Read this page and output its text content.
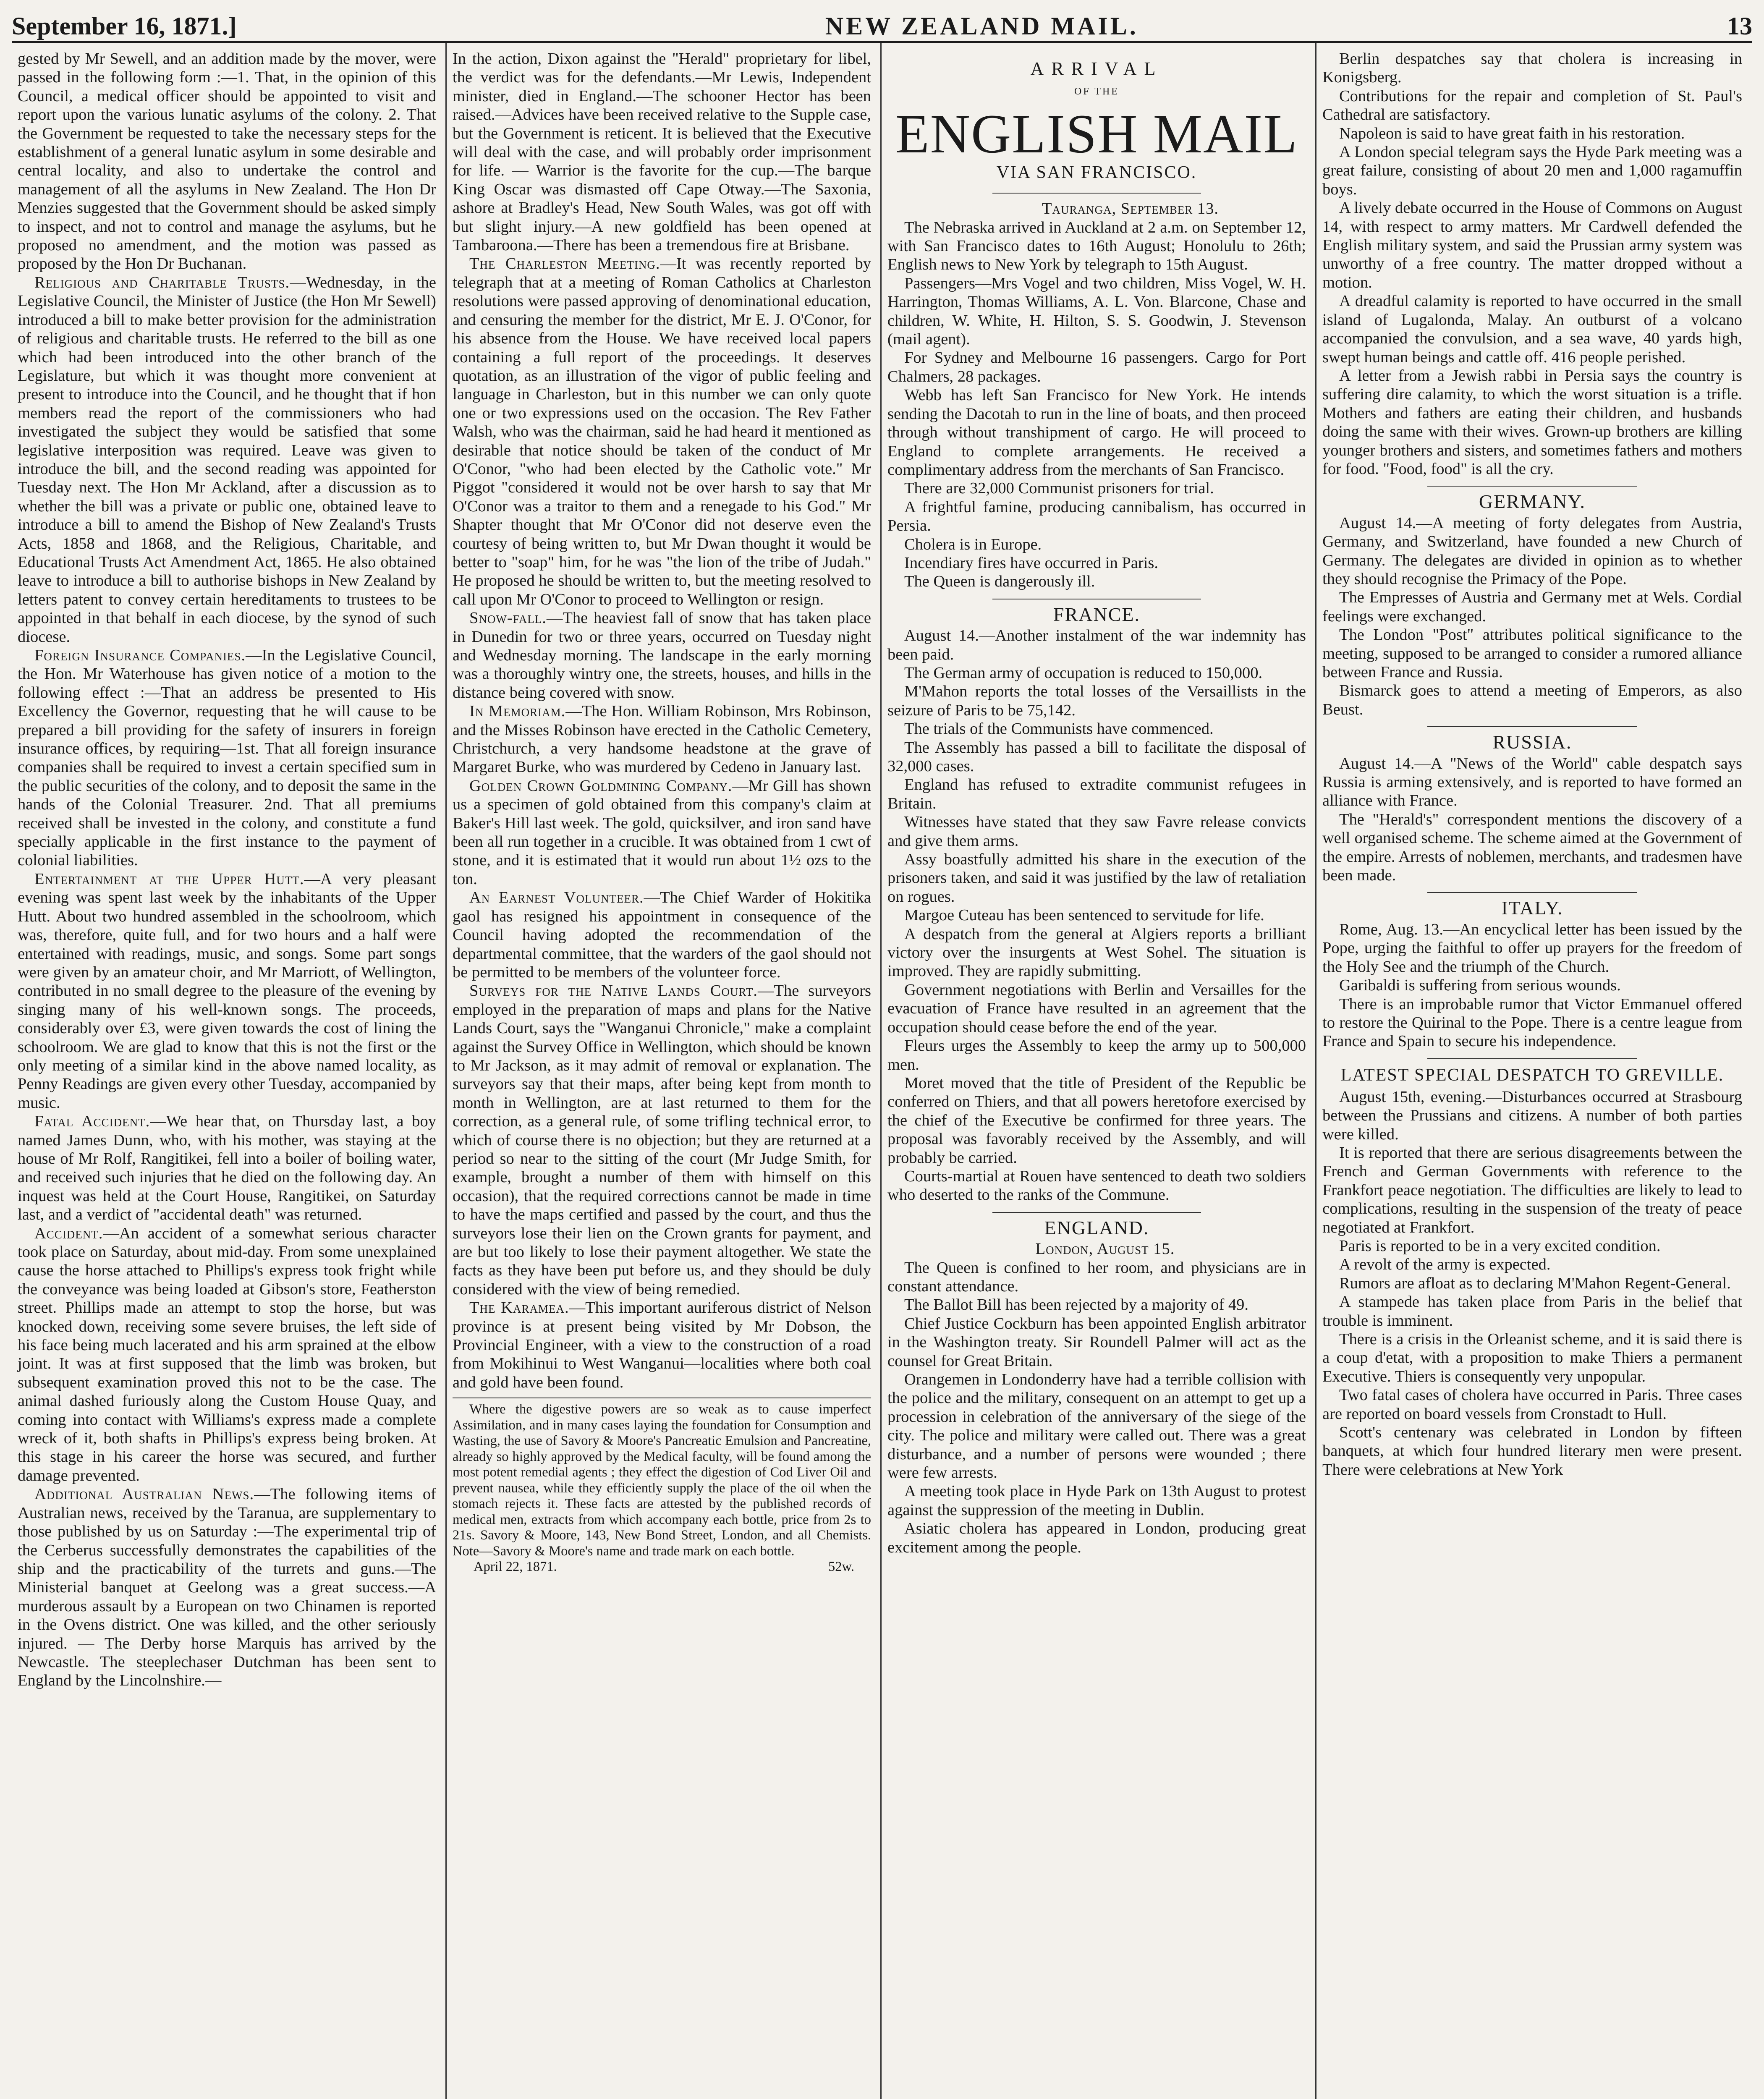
September 16, 1871.]	NEW ZEALAND MAIL.	13

gested by Mr Sewell, and an addition made by the mover, were passed in the following form :—1. That, in the opinion of this Council, a medical officer should be appointed to visit and report upon the various lunatic asylums of the colony. 2. That the Government be requested to take the necessary steps for the establishment of a general lunatic asylum in some desirable and central locality, and also to undertake the control and management of all the asylums in New Zealand. The Hon Dr Menzies suggested that the Government should be asked simply to inspect, and not to control and manage the asylums, but he proposed no amendment, and the motion was passed as proposed by the Hon Dr Buchanan.

Religious and Charitable Trusts.—Wednesday, in the Legislative Council, the Minister of Justice (the Hon Mr Sewell) introduced a bill to make better provision for the administration of religious and charitable trusts. He referred to the bill as one which had been introduced into the other branch of the Legislature, but which it was thought more convenient at present to introduce into the Council, and he thought that if hon members read the report of the commissioners who had investigated the subject they would be satisfied that some legislative interposition was required. Leave was given to introduce the bill, and the second reading was appointed for Tuesday next. The Hon Mr Ackland, after a discussion as to whether the bill was a private or public one, obtained leave to introduce a bill to amend the Bishop of New Zealand's Trusts Acts, 1858 and 1868, and the Religious, Charitable, and Educational Trusts Act Amendment Act, 1865. He also obtained leave to introduce a bill to authorise bishops in New Zealand by letters patent to convey certain hereditaments to trustees to be appointed in that behalf in each diocese, by the synod of such diocese.

Foreign Insurance Companies.—In the Legislative Council, the Hon. Mr Waterhouse has given notice of a motion to the following effect :—That an address be presented to His Excellency the Governor, requesting that he will cause to be prepared a bill providing for the safety of insurers in foreign insurance offices, by requiring—1st. That all foreign insurance companies shall be required to invest a certain specified sum in the public securities of the colony, and to deposit the same in the hands of the Colonial Treasurer. 2nd. That all premiums received shall be invested in the colony, and constitute a fund specially applicable in the first instance to the payment of colonial liabilities.

Entertainment at the Upper Hutt.—A very pleasant evening was spent last week by the inhabitants of the Upper Hutt. About two hundred assembled in the schoolroom, which was, therefore, quite full, and for two hours and a half were entertained with readings, music, and songs. Some part songs were given by an amateur choir, and Mr Marriott, of Wellington, contributed in no small degree to the pleasure of the evening by singing many of his well-known songs. The proceeds, considerably over £3, were given towards the cost of lining the schoolroom. We are glad to know that this is not the first or the only meeting of a similar kind in the above named locality, as Penny Readings are given every other Tuesday, accompanied by music.

Fatal Accident.—We hear that, on Thursday last, a boy named James Dunn, who, with his mother, was staying at the house of Mr Rolf, Rangitikei, fell into a boiler of boiling water, and received such injuries that he died on the following day. An inquest was held at the Court House, Rangitikei, on Saturday last, and a verdict of "accidental death" was returned.

Accident.—An accident of a somewhat serious character took place on Saturday, about mid-day. From some unexplained cause the horse attached to Phillips's express took fright while the conveyance was being loaded at Gibson's store, Featherston street. Phillips made an attempt to stop the horse, but was knocked down, receiving some severe bruises, the left side of his face being much lacerated and his arm sprained at the elbow joint. It was at first supposed that the limb was broken, but subsequent examination proved this not to be the case. The animal dashed furiously along the Custom House Quay, and coming into contact with Williams's express made a complete wreck of it, both shafts in Phillips's express being broken. At this stage in his career the horse was secured, and further damage prevented.

Additional Australian News.—The following items of Australian news, received by the Taranua, are supplementary to those published by us on Saturday :—The experimental trip of the Cerberus successfully demonstrates the capabilities of the ship and the practicability of the turrets and guns.—The Ministerial banquet at Geelong was a great success.—A murderous assault by a European on two Chinamen is reported in the Ovens district. One was killed, and the other seriously injured. — The Derby horse Marquis has arrived by the Newcastle. The steeplechaser Dutchman has been sent to England by the Lincolnshire.—

In the action, Dixon against the "Herald" proprietary for libel, the verdict was for the defendants.—Mr Lewis, Independent minister, died in England.—The schooner Hector has been raised.—Advices have been received relative to the Supple case, but the Government is reticent. It is believed that the Executive will deal with the case, and will probably order imprisonment for life. — Warrior is the favorite for the cup.—The barque King Oscar was dismasted off Cape Otway.—The Saxonia, ashore at Bradley's Head, New South Wales, was got off with but slight injury.—A new goldfield has been opened at Tambaroona.—There has been a tremendous fire at Brisbane.

The Charleston Meeting.—It was recently reported by telegraph that at a meeting of Roman Catholics at Charleston resolutions were passed approving of denominational education, and censuring the member for the district, Mr E. J. O'Conor, for his absence from the House. We have received local papers containing a full report of the proceedings. It deserves quotation, as an illustration of the vigor of public feeling and language in Charleston, but in this number we can only quote one or two expressions used on the occasion. The Rev Father Walsh, who was the chairman, said he had heard it mentioned as desirable that notice should be taken of the conduct of Mr O'Conor, "who had been elected by the Catholic vote." Mr Piggot "considered it would not be over harsh to say that Mr O'Conor was a traitor to them and a renegade to his God." Mr Shapter thought that Mr O'Conor did not deserve even the courtesy of being written to, but Mr Dwan thought it would be better to "soap" him, for he was "the lion of the tribe of Judah." He proposed he should be written to, but the meeting resolved to call upon Mr O'Conor to proceed to Wellington or resign.

Snow-fall.—The heaviest fall of snow that has taken place in Dunedin for two or three years, occurred on Tuesday night and Wednesday morning. The landscape in the early morning was a thoroughly wintry one, the streets, houses, and hills in the distance being covered with snow.

In Memoriam.—The Hon. William Robinson, Mrs Robinson, and the Misses Robinson have erected in the Catholic Cemetery, Christchurch, a very handsome headstone at the grave of Margaret Burke, who was murdered by Cedeno in January last.

Golden Crown Goldmining Company.—Mr Gill has shown us a specimen of gold obtained from this company's claim at Baker's Hill last week. The gold, quicksilver, and iron sand have been all run together in a crucible. It was obtained from 1 cwt of stone, and it is estimated that it would run about 1½ ozs to the ton.

An Earnest Volunteer.—The Chief Warder of Hokitika gaol has resigned his appointment in consequence of the Council having adopted the recommendation of the departmental committee, that the warders of the gaol should not be permitted to be members of the volunteer force.

Surveys for the Native Lands Court.—The surveyors employed in the preparation of maps and plans for the Native Lands Court, says the "Wanganui Chronicle," make a complaint against the Survey Office in Wellington, which should be known to Mr Jackson, as it may admit of removal or explanation. The surveyors say that their maps, after being kept from month to month in Wellington, are at last returned to them for the correction, as a general rule, of some trifling technical error, to which of course there is no objection; but they are returned at a period so near to the sitting of the court (Mr Judge Smith, for example, brought a number of them with himself on this occasion), that the required corrections cannot be made in time to have the maps certified and passed by the court, and thus the surveyors lose their lien on the Crown grants for payment, and are but too likely to lose their payment altogether. We state the facts as they have been put before us, and they should be duly considered with the view of being remedied.

The Karamea.—This important auriferous district of Nelson province is at present being visited by Mr Dobson, the Provincial Engineer, with a view to the construction of a road from Mokihinui to West Wanganui—localities where both coal and gold have been found.

Where the digestive powers are so weak as to cause imperfect Assimilation, and in many cases laying the foundation for Consumption and Wasting, the use of Savory & Moore's Pancreatic Emulsion and Pancreatine, already so highly approved by the Medical faculty, will be found among the most potent remedial agents ; they effect the digestion of Cod Liver Oil and prevent nausea, while they efficiently supply the place of the oil when the stomach rejects it. These facts are attested by the published records of medical men, extracts from which accompany each bottle, price from 2s to 21s. Savory & Moore, 143, New Bond Street, London, and all Chemists. Note—Savory & Moore's name and trade mark on each bottle.

April 22, 1871.	52w.
ARRIVAL
OF THE
ENGLISH MAIL
VIA SAN FRANCISCO.

Tauranga, September 13.

The Nebraska arrived in Auckland at 2 a.m. on September 12, with San Francisco dates to 16th August; Honolulu to 26th; English news to New York by telegraph to 15th August.

Passengers—Mrs Vogel and two children, Miss Vogel, W. H. Harrington, Thomas Williams, A. L. Von. Blarcone, Chase and children, W. White, H. Hilton, S. S. Goodwin, J. Stevenson (mail agent).

For Sydney and Melbourne 16 passengers. Cargo for Port Chalmers, 28 packages.

Webb has left San Francisco for New York. He intends sending the Dacotah to run in the line of boats, and then proceed through without transhipment of cargo. He will proceed to England to complete arrangements. He received a complimentary address from the merchants of San Francisco.

There are 32,000 Communist prisoners for trial.

A frightful famine, producing cannibalism, has occurred in Persia.

Cholera is in Europe.

Incendiary fires have occurred in Paris.

The Queen is dangerously ill.

FRANCE.

August 14.—Another instalment of the war indemnity has been paid.

The German army of occupation is reduced to 150,000.

M'Mahon reports the total losses of the Versaillists in the seizure of Paris to be 75,142.

The trials of the Communists have commenced.

The Assembly has passed a bill to facilitate the disposal of 32,000 cases.

England has refused to extradite communist refugees in Britain.

Witnesses have stated that they saw Favre release convicts and give them arms.

Assy boastfully admitted his share in the execution of the prisoners taken, and said it was justified by the law of retaliation on rogues.

Margoe Cuteau has been sentenced to servitude for life.

A despatch from the general at Algiers reports a brilliant victory over the insurgents at West Sohel. The situation is improved. They are rapidly submitting.

Government negotiations with Berlin and Versailles for the evacuation of France have resulted in an agreement that the occupation should cease before the end of the year.

Fleurs urges the Assembly to keep the army up to 500,000 men.

Moret moved that the title of President of the Republic be conferred on Thiers, and that all powers heretofore exercised by the chief of the Executive be confirmed for three years. The proposal was favorably received by the Assembly, and will probably be carried.

Courts-martial at Rouen have sentenced to death two soldiers who deserted to the ranks of the Commune.

ENGLAND.

London, August 15.

The Queen is confined to her room, and physicians are in constant attendance.

The Ballot Bill has been rejected by a majority of 49.

Chief Justice Cockburn has been appointed English arbitrator in the Washington treaty. Sir Roundell Palmer will act as the counsel for Great Britain.

Orangemen in Londonderry have had a terrible collision with the police and the military, consequent on an attempt to get up a procession in celebration of the anniversary of the siege of the city. The police and military were called out. There was a great disturbance, and a number of persons were wounded ; there were few arrests.

A meeting took place in Hyde Park on 13th August to protest against the suppression of the meeting in Dublin.

Asiatic cholera has appeared in London, producing great excitement among the people.

Berlin despatches say that cholera is increasing in Konigsberg.

Contributions for the repair and completion of St. Paul's Cathedral are satisfactory.

Napoleon is said to have great faith in his restoration.

A London special telegram says the Hyde Park meeting was a great failure, consisting of about 20 men and 1,000 ragamuffin boys.

A lively debate occurred in the House of Commons on August 14, with respect to army matters. Mr Cardwell defended the English military system, and said the Prussian army system was unworthy of a free country. The matter dropped without a motion.

A dreadful calamity is reported to have occurred in the small island of Lugalonda, Malay. An outburst of a volcano accompanied the convulsion, and a sea wave, 40 yards high, swept human beings and cattle off. 416 people perished.

A letter from a Jewish rabbi in Persia says the country is suffering dire calamity, to which the worst situation is a trifle. Mothers and fathers are eating their children, and husbands doing the same with their wives. Grown-up brothers are killing younger brothers and sisters, and sometimes fathers and mothers for food. "Food, food" is all the cry.

GERMANY.

August 14.—A meeting of forty delegates from Austria, Germany, and Switzerland, have founded a new Church of Germany. The delegates are divided in opinion as to whether they should recognise the Primacy of the Pope.

The Empresses of Austria and Germany met at Wels. Cordial feelings were exchanged.

The London "Post" attributes political significance to the meeting, supposed to be arranged to consider a rumored alliance between France and Russia.

Bismarck goes to attend a meeting of Emperors, as also Beust.

RUSSIA.

August 14.—A "News of the World" cable despatch says Russia is arming extensively, and is reported to have formed an alliance with France.

The "Herald's" correspondent mentions the discovery of a well organised scheme. The scheme aimed at the Government of the empire. Arrests of noblemen, merchants, and tradesmen have been made.

ITALY.

Rome, Aug. 13.—An encyclical letter has been issued by the Pope, urging the faithful to offer up prayers for the freedom of the Holy See and the triumph of the Church.

Garibaldi is suffering from serious wounds.

There is an improbable rumor that Victor Emmanuel offered to restore the Quirinal to the Pope. There is a centre league from France and Spain to secure his independence.

LATEST SPECIAL DESPATCH TO GREVILLE.

August 15th, evening.—Disturbances occurred at Strasbourg between the Prussians and citizens. A number of both parties were killed.

It is reported that there are serious disagreements between the French and German Governments with reference to the Frankfort peace negotiation. The difficulties are likely to lead to complications, resulting in the suspension of the treaty of peace negotiated at Frankfort.

Paris is reported to be in a very excited condition.

A revolt of the army is expected.

Rumors are afloat as to declaring M'Mahon Regent-General.

A stampede has taken place from Paris in the belief that trouble is imminent.

There is a crisis in the Orleanist scheme, and it is said there is a coup d'etat, with a proposition to make Thiers a permanent Executive. Thiers is consequently very unpopular.

Two fatal cases of cholera have occurred in Paris. Three cases are reported on board vessels from Cronstadt to Hull.

Scott's centenary was celebrated in London by fifteen banquets, at which four hundred literary men were present. There were celebrations at New York
